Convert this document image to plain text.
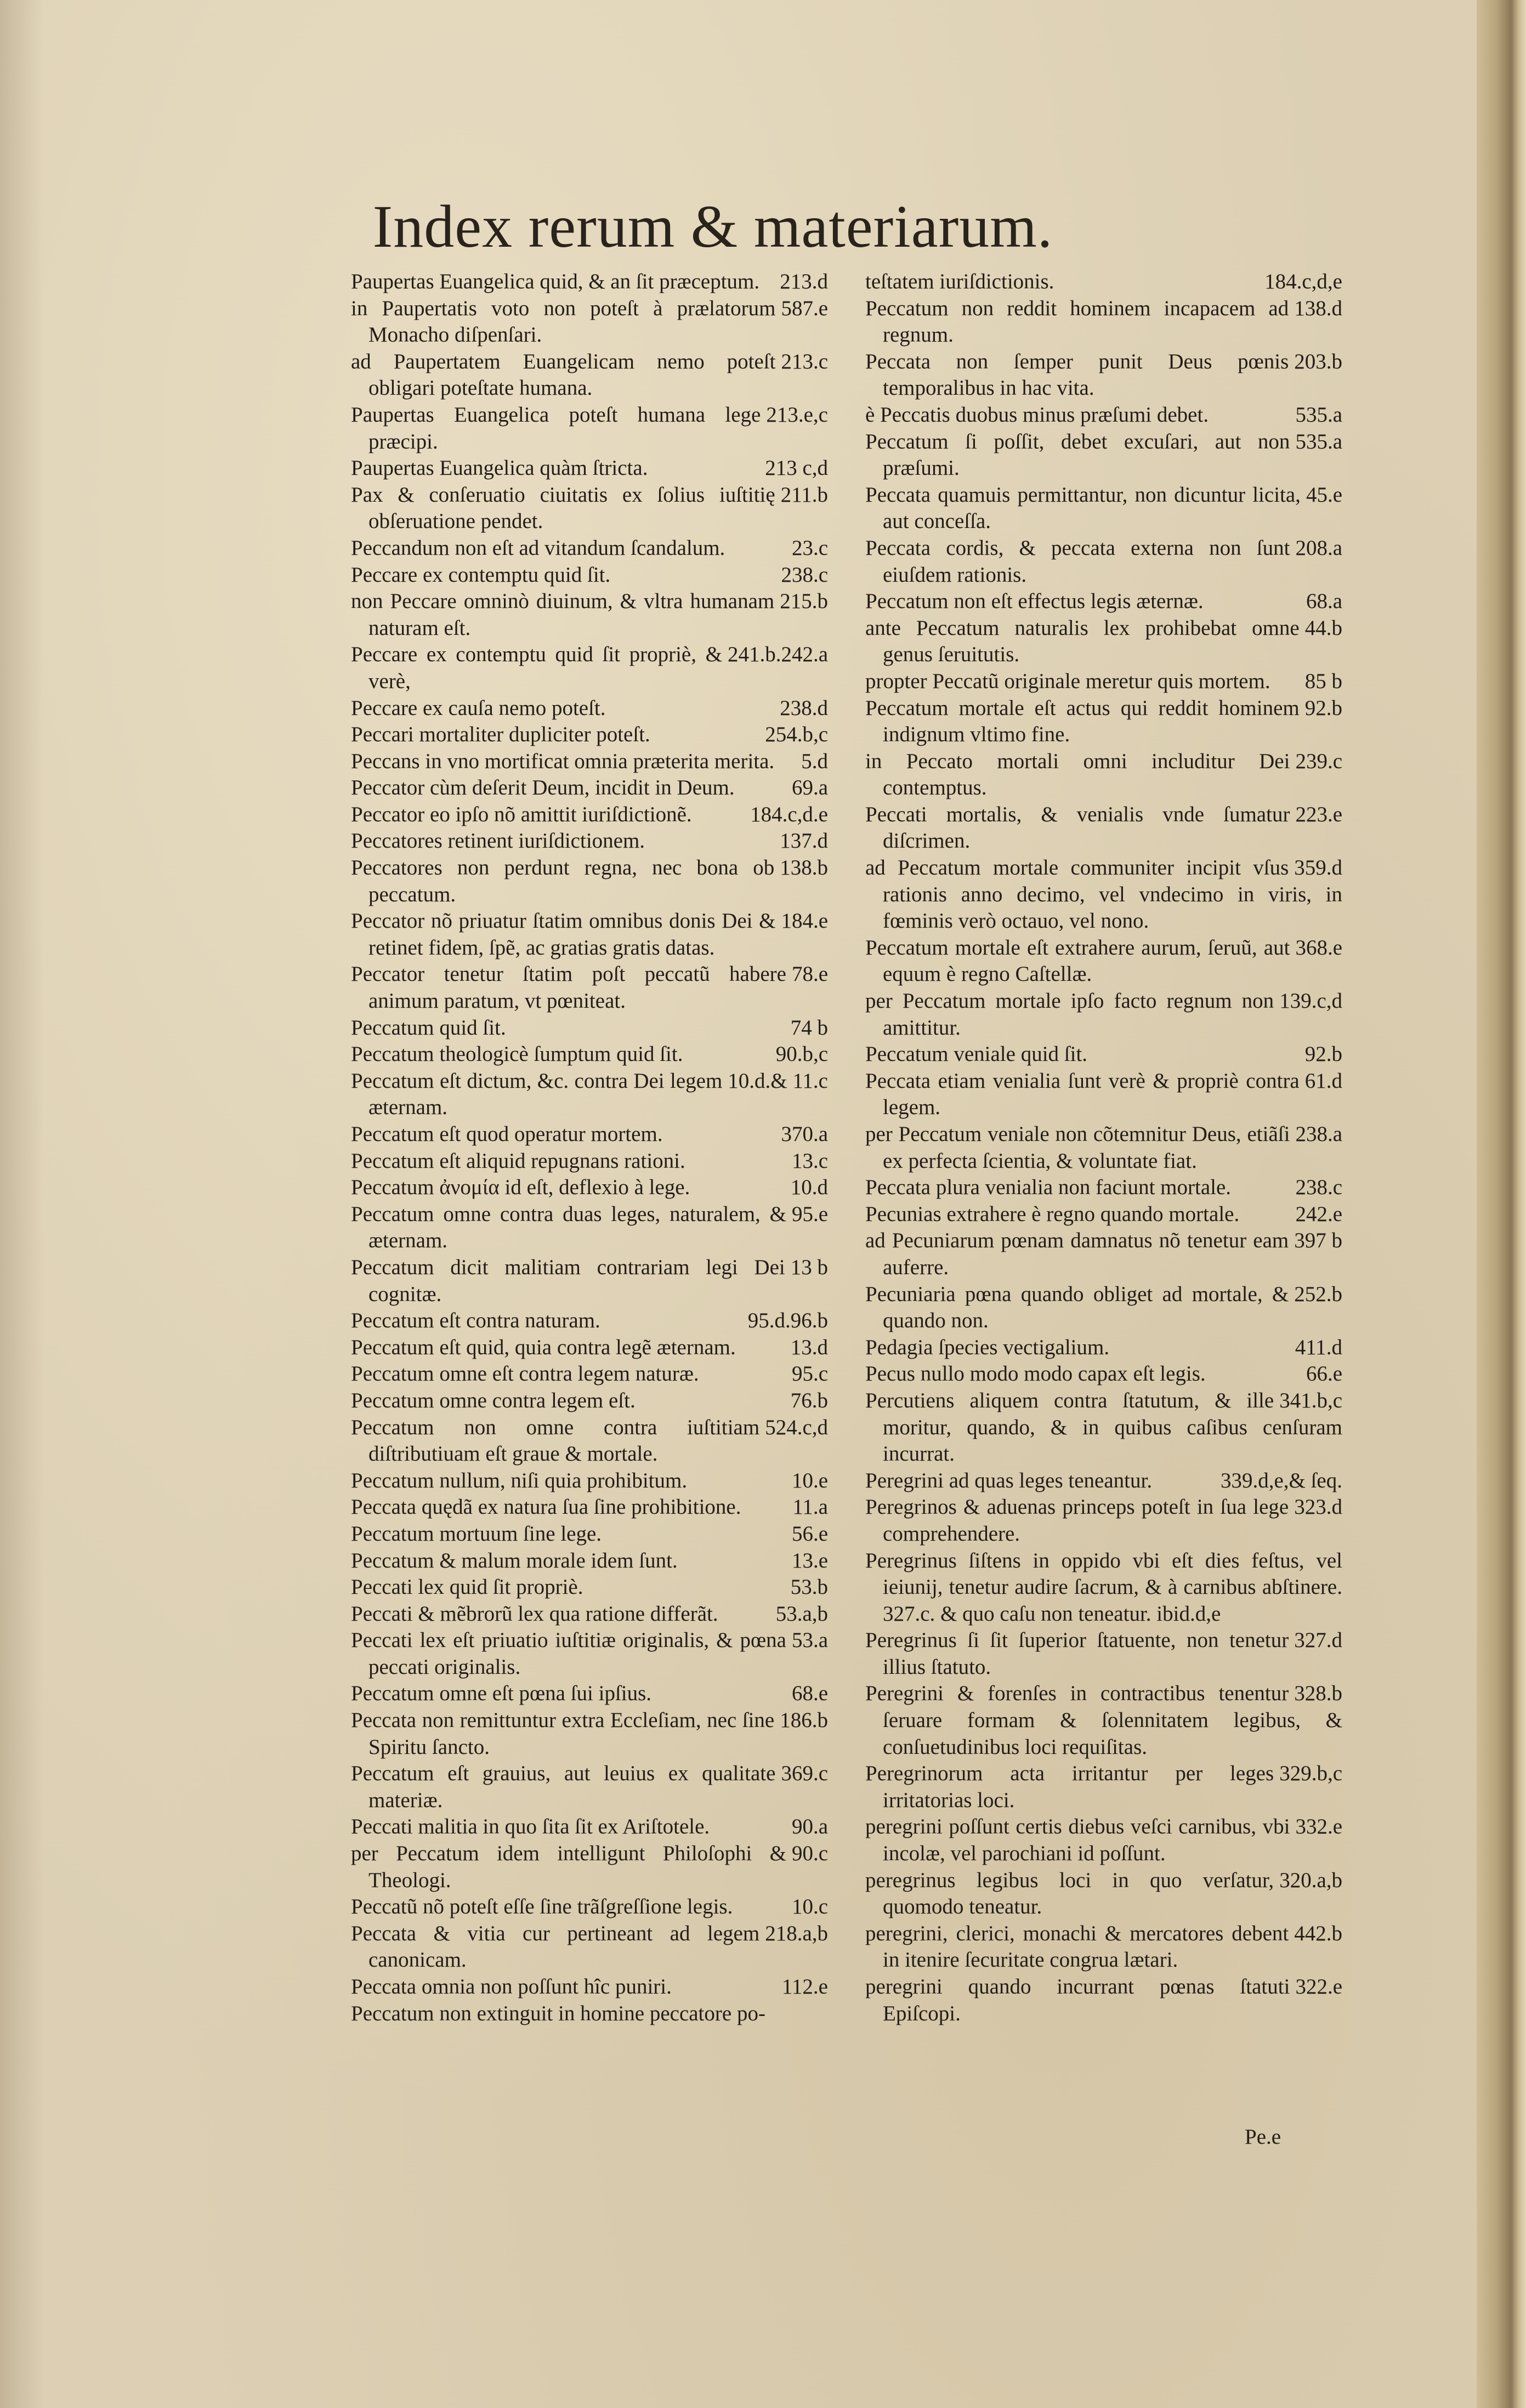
Index rerum & materiarum.
213.d
Paupertas Euangelica quid, & an ſit præceptum.
587.e
in Paupertatis voto non poteſt à prælatorum Monacho diſpenſari.
213.c
ad Paupertatem Euangelicam nemo poteſt obligari poteſtate humana.
213.e,c
Paupertas Euangelica poteſt humana lege præcipi.
213 c,d
Paupertas Euangelica quàm ſtricta.
211.b
Pax & conſeruatio ciuitatis ex ſolius iuſtitię obſeruatione pendet.
23.c
Peccandum non eſt ad vitandum ſcandalum.
238.c
Peccare ex contemptu quid ſit.
215.b
non Peccare omninò diuinum, & vltra humanam naturam eſt.
241.b.242.a
Peccare ex contemptu quid ſit propriè, & verè,
238.d
Peccare ex cauſa nemo poteſt.
254.b,c
Peccari mortaliter dupliciter poteſt.
5.d
Peccans in vno mortificat omnia præterita merita.
69.a
Peccator cùm deſerit Deum, incidit in Deum.
184.c,d.e
Peccator eo ipſo nõ amittit iuriſdictionẽ.
137.d
Peccatores retinent iuriſdictionem.
138.b
Peccatores non perdunt regna, nec bona ob peccatum.
184.e
Peccator nõ priuatur ſtatim omnibus donis Dei & retinet fidem, ſpẽ, ac gratias gratis datas.
78.e
Peccator tenetur ſtatim poſt peccatũ habere animum paratum, vt pœniteat.
74 b
Peccatum quid ſit.
90.b,c
Peccatum theologicè ſumptum quid ſit.
10.d.& 11.c
Peccatum eſt dictum, &c. contra Dei legem æternam.
370.a
Peccatum eſt quod operatur mortem.
13.c
Peccatum eſt aliquid repugnans rationi.
10.d
Peccatum ἀνομία id eſt, deflexio à lege.
95.e
Peccatum omne contra duas leges, naturalem, & æternam.
13 b
Peccatum dicit malitiam contrariam legi Dei cognitæ.
95.d.96.b
Peccatum eſt contra naturam.
13.d
Peccatum eſt quid, quia contra legẽ æternam.
95.c
Peccatum omne eſt contra legem naturæ.
76.b
Peccatum omne contra legem eſt.
524.c,d
Peccatum non omne contra iuſtitiam diſtributiuam eſt graue & mortale.
10.e
Peccatum nullum, niſi quia prohibitum.
11.a
Peccata quędã ex natura ſua ſine prohibitione.
56.e
Peccatum mortuum ſine lege.
13.e
Peccatum & malum morale idem ſunt.
53.b
Peccati lex quid ſit propriè.
53.a,b
Peccati & mẽbrorũ lex qua ratione differãt.
53.a
Peccati lex eſt priuatio iuſtitiæ originalis, & pœna peccati originalis.
68.e
Peccatum omne eſt pœna ſui ipſius.
186.b
Peccata non remittuntur extra Eccleſiam, nec ſine Spiritu ſancto.
369.c
Peccatum eſt grauius, aut leuius ex qualitate materiæ.
90.a
Peccati malitia in quo ſita ſit ex Ariſtotele.
90.c
per Peccatum idem intelligunt Philoſophi & Theologi.
10.c
Peccatũ nõ poteſt eſſe ſine trãſgreſſione legis.
218.a,b
Peccata & vitia cur pertineant ad legem canonicam.
112.e
Peccata omnia non poſſunt hîc puniri.
Peccatum non extinguit in homine peccatore po-
184.c,d,e
teſtatem iuriſdictionis.
138.d
Peccatum non reddit hominem incapacem ad regnum.
203.b
Peccata non ſemper punit Deus pœnis temporalibus in hac vita.
535.a
è Peccatis duobus minus præſumi debet.
535.a
Peccatum ſi poſſit, debet excuſari, aut non præſumi.
45.e
Peccata quamuis permittantur, non dicuntur licita, aut conceſſa.
208.a
Peccata cordis, & peccata externa non ſunt eiuſdem rationis.
68.a
Peccatum non eſt effectus legis æternæ.
44.b
ante Peccatum naturalis lex prohibebat omne genus ſeruitutis.
85 b
propter Peccatũ originale meretur quis mortem.
92.b
Peccatum mortale eſt actus qui reddit hominem indignum vltimo fine.
239.c
in Peccato mortali omni includitur Dei contemptus.
223.e
Peccati mortalis, & venialis vnde ſumatur diſcrimen.
359.d
ad Peccatum mortale communiter incipit vſus rationis anno decimo, vel vndecimo in viris, in fœminis verò octauo, vel nono.
368.e
Peccatum mortale eſt extrahere aurum, ſeruũ, aut equum è regno Caſtellæ.
139.c,d
per Peccatum mortale ipſo facto regnum non amittitur.
92.b
Peccatum veniale quid ſit.
61.d
Peccata etiam venialia ſunt verè & propriè contra legem.
238.a
per Peccatum veniale non cõtemnitur Deus, etiãſi ex perfecta ſcientia, & voluntate fiat.
238.c
Peccata plura venialia non faciunt mortale.
242.e
Pecunias extrahere è regno quando mortale.
397 b
ad Pecuniarum pœnam damnatus nõ tenetur eam auferre.
252.b
Pecuniaria pœna quando obliget ad mortale, & quando non.
411.d
Pedagia ſpecies vectigalium.
66.e
Pecus nullo modo modo capax eſt legis.
341.b,c
Percutiens aliquem contra ſtatutum, & ille moritur, quando, & in quibus caſibus cenſuram incurrat.
339.d,e,& ſeq.
Peregrini ad quas leges teneantur.
323.d
Peregrinos & aduenas princeps poteſt in ſua lege comprehendere.
Peregrinus ſiſtens in oppido vbi eſt dies feſtus, vel ieiunij, tenetur audire ſacrum, & à carnibus abſtinere. 327.c. & quo caſu non teneatur. ibid.d,e
327.d
Peregrinus ſi ſit ſuperior ſtatuente, non tenetur illius ſtatuto.
328.b
Peregrini & forenſes in contractibus tenentur ſeruare formam & ſolennitatem legibus, & conſuetudinibus loci requiſitas.
329.b,c
Peregrinorum acta irritantur per leges irritatorias loci.
332.e
peregrini poſſunt certis diebus veſci carnibus, vbi incolæ, vel parochiani id poſſunt.
320.a,b
peregrinus legibus loci in quo verſatur, quomodo teneatur.
442.b
peregrini, clerici, monachi & mercatores debent in itenire ſecuritate congrua lætari.
322.e
peregrini quando incurrant pœnas ſtatuti Epiſcopi.
Pe.e
